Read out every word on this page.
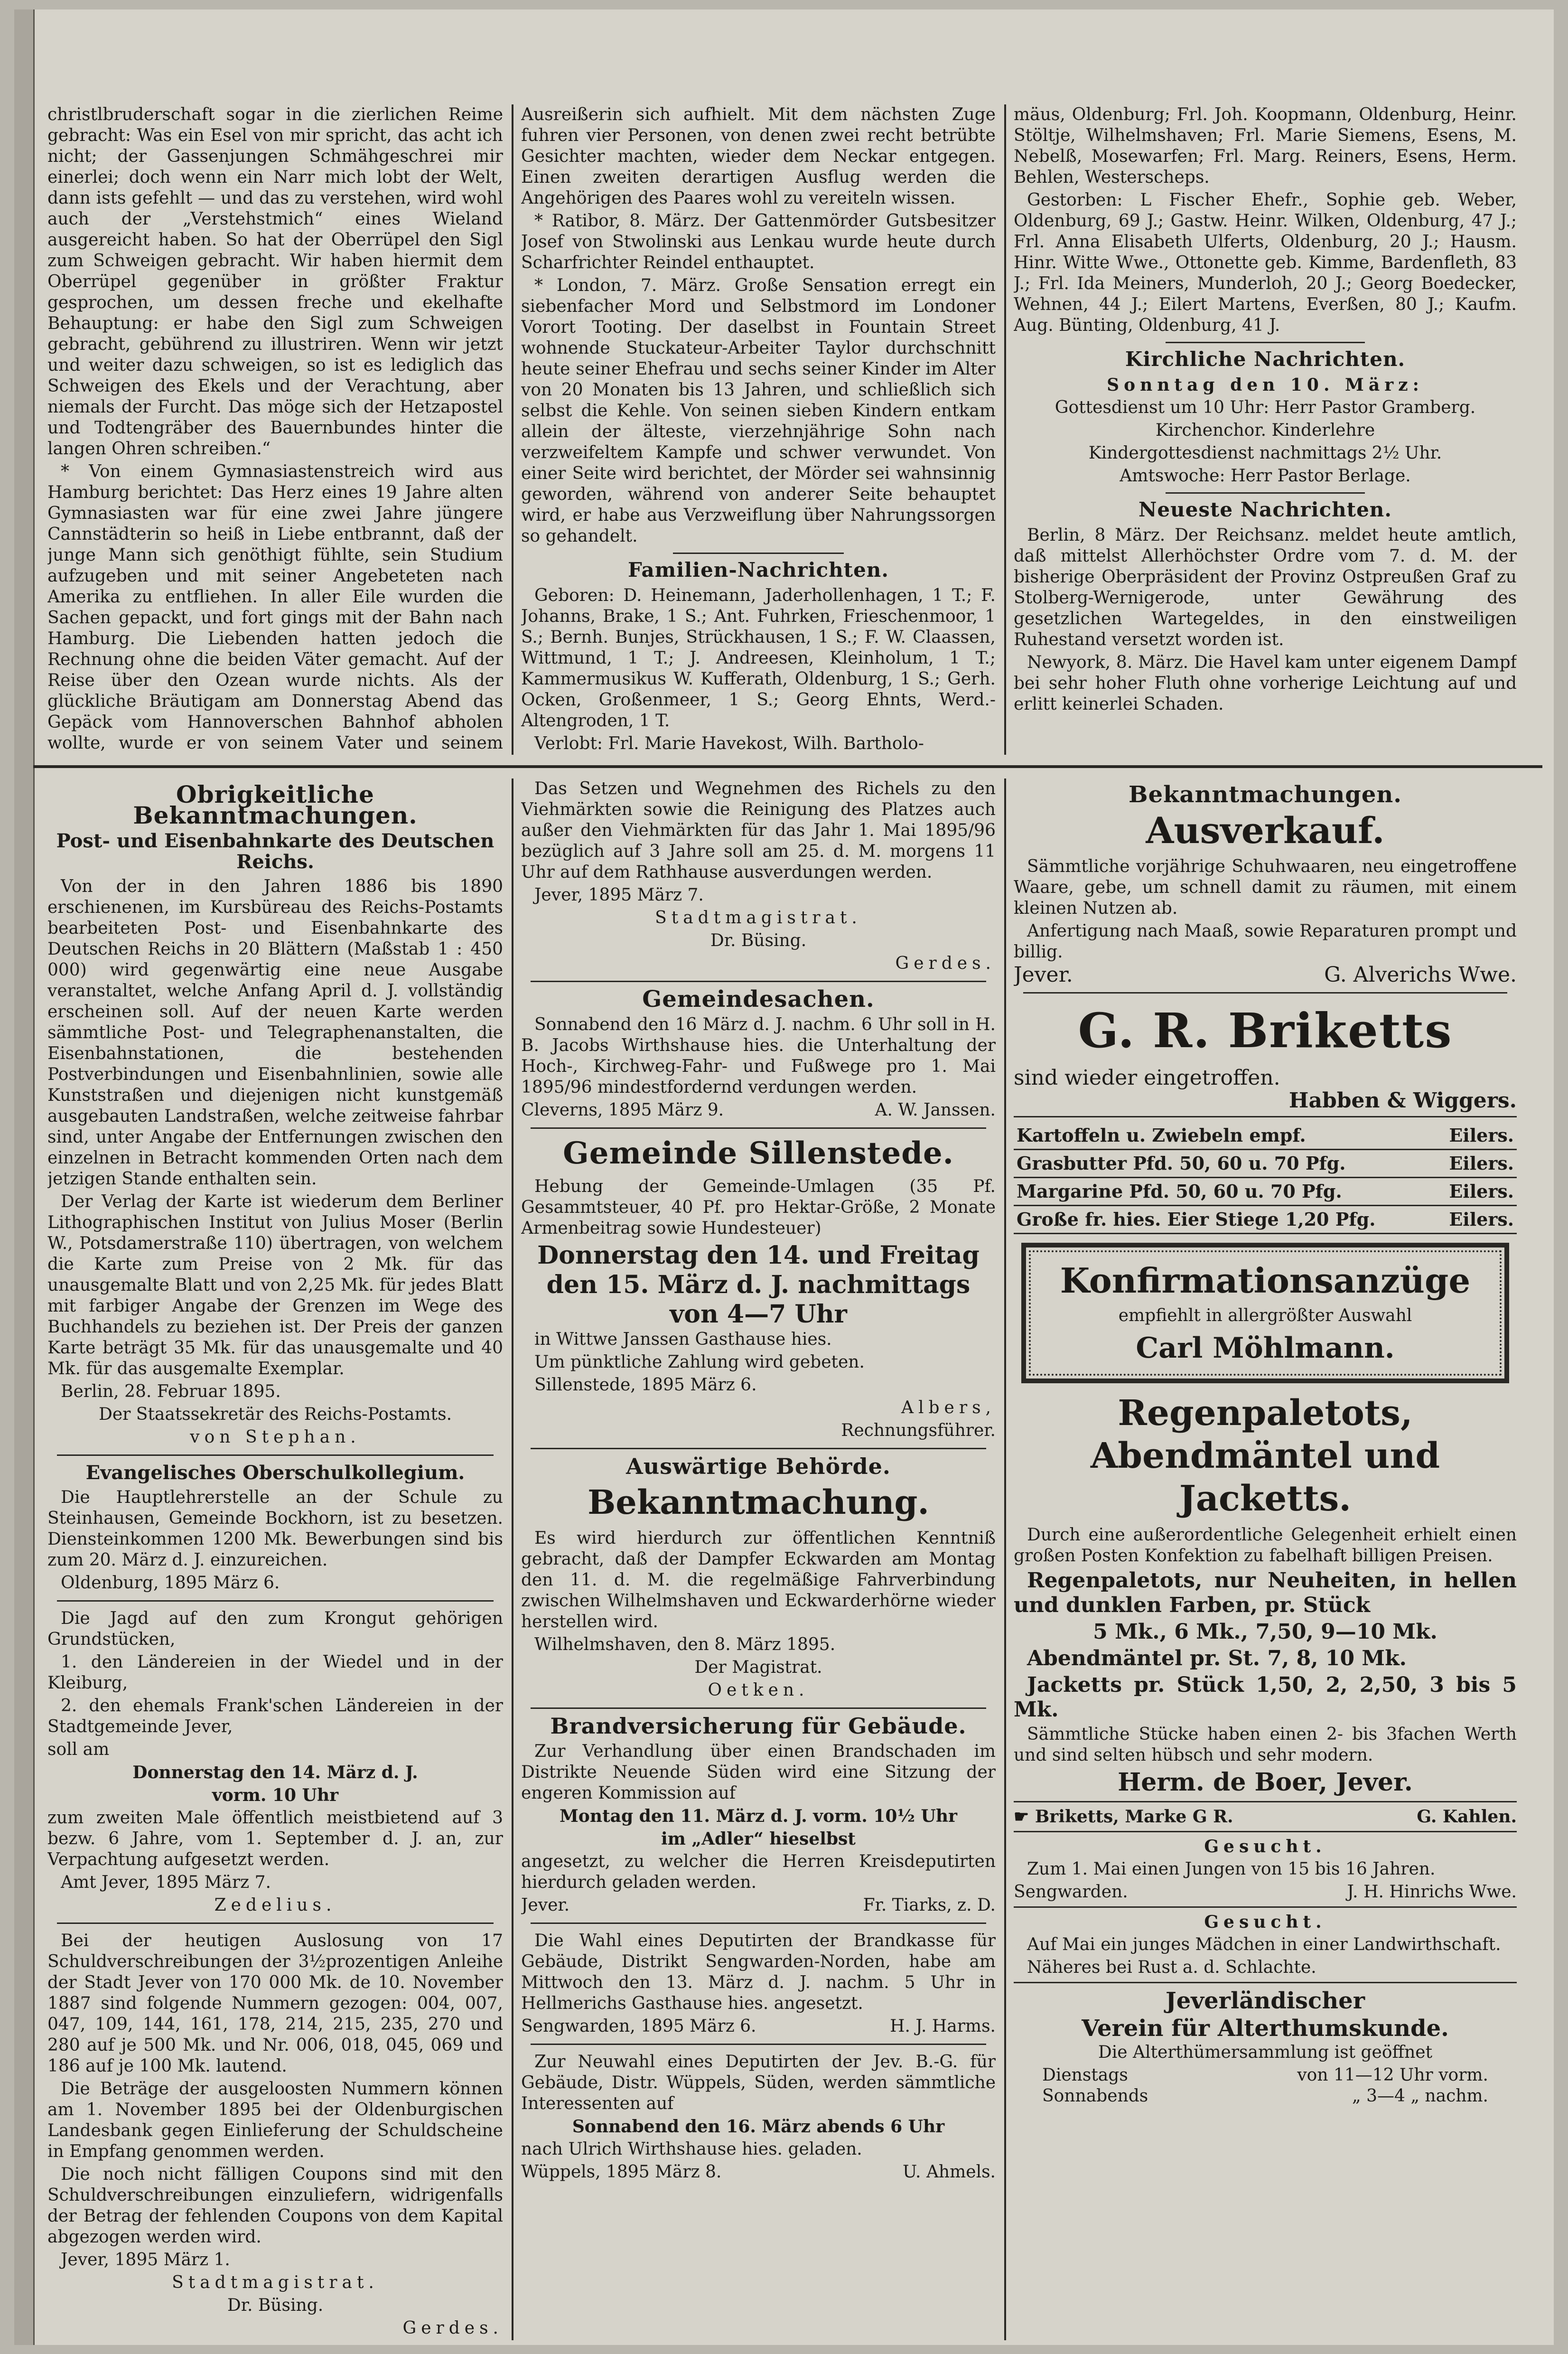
christlbruderschaft sogar in die zierlichen Reime gebracht: Was ein Esel von mir spricht, das acht ich nicht; der Gassenjungen Schmähgeschrei mir einerlei; doch wenn ein Narr mich lobt der Welt, dann ists gefehlt — und das zu verstehen, wird wohl auch der „Verstehstmich“ eines Wieland ausgereicht haben. So hat der Oberrüpel den Sigl zum Schweigen gebracht. Wir haben hiermit dem Oberrüpel gegenüber in größter Fraktur gesprochen, um dessen freche und ekelhafte Behauptung: er habe den Sigl zum Schweigen gebracht, gebührend zu illustriren. Wenn wir jetzt und weiter dazu schweigen, so ist es lediglich das Schweigen des Ekels und der Verachtung, aber niemals der Furcht. Das möge sich der Hetzapostel und Todtengräber des Bauernbundes hinter die langen Ohren schreiben.“

* Von einem Gymnasiastenstreich wird aus Hamburg berichtet: Das Herz eines 19 Jahre alten Gymnasiasten war für eine zwei Jahre jüngere Cannstädterin so heiß in Liebe entbrannt, daß der junge Mann sich genöthigt fühlte, sein Studium aufzugeben und mit seiner Angebeteten nach Amerika zu entfliehen. In aller Eile wurden die Sachen gepackt, und fort gings mit der Bahn nach Hamburg. Die Liebenden hatten jedoch die Rechnung ohne die beiden Väter gemacht. Auf der Reise über den Ozean wurde nichts. Als der glückliche Bräutigam am Donnerstag Abend das Gepäck vom Hannoverschen Bahnhof abholen wollte, wurde er von seinem Vater und seinem

Ausreißerin sich aufhielt. Mit dem nächsten Zuge fuhren vier Personen, von denen zwei recht betrübte Gesichter machten, wieder dem Neckar entgegen. Einen zweiten derartigen Ausflug werden die Angehörigen des Paares wohl zu vereiteln wissen.

* Ratibor, 8. März. Der Gattenmörder Gutsbesitzer Josef von Stwolinski aus Lenkau wurde heute durch Scharfrichter Reindel enthauptet.

* London, 7. März. Große Sensation erregt ein siebenfacher Mord und Selbstmord im Londoner Vorort Tooting. Der daselbst in Fountain Street wohnende Stuckateur-Arbeiter Taylor durchschnitt heute seiner Ehefrau und sechs seiner Kinder im Alter von 20 Monaten bis 13 Jahren, und schließlich sich selbst die Kehle. Von seinen sieben Kindern entkam allein der älteste, vierzehnjährige Sohn nach verzweifeltem Kampfe und schwer verwundet. Von einer Seite wird berichtet, der Mörder sei wahnsinnig geworden, während von anderer Seite behauptet wird, er habe aus Verzweiflung über Nahrungssorgen so gehandelt.

Familien-Nachrichten.

Geboren: D. Heinemann, Jaderhollenhagen, 1 T.; F. Johanns, Brake, 1 S.; Ant. Fuhrken, Frieschenmoor, 1 S.; Bernh. Bunjes, Strückhausen, 1 S.; F. W. Claassen, Wittmund, 1 T.; J. Andreesen, Kleinholum, 1 T.; Kammermusikus W. Kufferath, Oldenburg, 1 S.; Gerh. Ocken, Großenmeer, 1 S.; Georg Ehnts, Werd.-Altengroden, 1 T.

Verlobt: Frl. Marie Havekost, Wilh. Bartholo-

mäus, Oldenburg; Frl. Joh. Koopmann, Oldenburg, Heinr. Stöltje, Wilhelmshaven; Frl. Marie Siemens, Esens, M. Nebelß, Mosewarfen; Frl. Marg. Reiners, Esens, Herm. Behlen, Westerscheps.

Gestorben: L Fischer Ehefr., Sophie geb. Weber, Oldenburg, 69 J.; Gastw. Heinr. Wilken, Oldenburg, 47 J.; Frl. Anna Elisabeth Ulferts, Oldenburg, 20 J.; Hausm. Hinr. Witte Wwe., Ottonette geb. Kimme, Bardenfleth, 83 J.; Frl. Ida Meiners, Munderloh, 20 J.; Georg Boedecker, Wehnen, 44 J.; Eilert Martens, Everßen, 80 J.; Kaufm. Aug. Bünting, Oldenburg, 41 J.

Kirchliche Nachrichten.

Sonntag den 10. März:

Gottesdienst um 10 Uhr: Herr Pastor Gramberg.

Kirchenchor. Kinderlehre

Kindergottesdienst nachmittags 2½ Uhr.

Amtswoche: Herr Pastor Berlage.

Neueste Nachrichten.

Berlin, 8 März. Der Reichsanz. meldet heute amtlich, daß mittelst Allerhöchster Ordre vom 7. d. M. der bisherige Oberpräsident der Provinz Ostpreußen Graf zu Stolberg-Wernigerode, unter Gewährung des gesetzlichen Wartegeldes, in den einstweiligen Ruhestand versetzt worden ist.

Newyork, 8. März. Die Havel kam unter eigenem Dampf bei sehr hoher Fluth ohne vorherige Leichtung auf und erlitt keinerlei Schaden.

Obrigkeitliche Bekanntmachungen.
Post- und Eisenbahnkarte des Deutschen Reichs.

Von der in den Jahren 1886 bis 1890 erschienenen, im Kursbüreau des Reichs-Postamts bearbeiteten Post- und Eisenbahnkarte des Deutschen Reichs in 20 Blättern (Maßstab 1 : 450 000) wird gegenwärtig eine neue Ausgabe veranstaltet, welche Anfang April d. J. vollständig erscheinen soll. Auf der neuen Karte werden sämmtliche Post- und Telegraphenanstalten, die Eisenbahnstationen, die bestehenden Postverbindungen und Eisenbahnlinien, sowie alle Kunststraßen und diejenigen nicht kunstgemäß ausgebauten Landstraßen, welche zeitweise fahrbar sind, unter Angabe der Entfernungen zwischen den einzelnen in Betracht kommenden Orten nach dem jetzigen Stande enthalten sein.

Der Verlag der Karte ist wiederum dem Berliner Lithographischen Institut von Julius Moser (Berlin W., Potsdamerstraße 110) übertragen, von welchem die Karte zum Preise von 2 Mk. für das unausgemalte Blatt und von 2,25 Mk. für jedes Blatt mit farbiger Angabe der Grenzen im Wege des Buchhandels zu beziehen ist. Der Preis der ganzen Karte beträgt 35 Mk. für das unausgemalte und 40 Mk. für das ausgemalte Exemplar.

Berlin, 28. Februar 1895.

Der Staatssekretär des Reichs-Postamts.

von Stephan.

Evangelisches Oberschulkollegium.

Die Hauptlehrerstelle an der Schule zu Steinhausen, Gemeinde Bockhorn, ist zu besetzen. Diensteinkommen 1200 Mk. Bewerbungen sind bis zum 20. März d. J. einzureichen.

Oldenburg, 1895 März 6.

Die Jagd auf den zum Krongut gehörigen Grundstücken,

1. den Ländereien in der Wiedel und in der Kleiburg,

2. den ehemals Frank'schen Ländereien in der Stadtgemeinde Jever,

soll am

Donnerstag den 14. März d. J.

vorm. 10 Uhr

zum zweiten Male öffentlich meistbietend auf 3 bezw. 6 Jahre, vom 1. September d. J. an, zur Verpachtung aufgesetzt werden.

Amt Jever, 1895 März 7.

Zedelius.

Bei der heutigen Auslosung von 17 Schuldverschreibungen der 3½prozentigen Anleihe der Stadt Jever von 170 000 Mk. de 10. November 1887 sind folgende Nummern gezogen: 004, 007, 047, 109, 144, 161, 178, 214, 215, 235, 270 und 280 auf je 500 Mk. und Nr. 006, 018, 045, 069 und 186 auf je 100 Mk. lautend.

Die Beträge der ausgeloosten Nummern können am 1. November 1895 bei der Oldenburgischen Landesbank gegen Einlieferung der Schuldscheine in Empfang genommen werden.

Die noch nicht fälligen Coupons sind mit den Schuldverschreibungen einzuliefern, widrigenfalls der Betrag der fehlenden Coupons von dem Kapital abgezogen werden wird.

Jever, 1895 März 1.

Stadtmagistrat.

Dr. Büsing.

Gerdes.

Das Setzen und Wegnehmen des Richels zu den Viehmärkten sowie die Reinigung des Platzes auch außer den Viehmärkten für das Jahr 1. Mai 1895/96 bezüglich auf 3 Jahre soll am 25. d. M. morgens 11 Uhr auf dem Rathhause ausverdungen werden.

Jever, 1895 März 7.

Stadtmagistrat.

Dr. Büsing.

Gerdes.

Gemeindesachen.

Sonnabend den 16 März d. J. nachm. 6 Uhr soll in H. B. Jacobs Wirthshause hies. die Unterhaltung der Hoch-, Kirchweg-Fahr- und Fußwege pro 1. Mai 1895/96 mindestfordernd verdungen werden.

Cleverns, 1895 März 9.	A. W. Janssen.
Gemeinde Sillenstede.

Hebung der Gemeinde-Umlagen (35 Pf. Gesammtsteuer, 40 Pf. pro Hektar-Größe, 2 Monate Armenbeitrag sowie Hundesteuer)

Donnerstag den 14. und Freitag den 15. März d. J. nachmittags von 4—7 Uhr

in Wittwe Janssen Gasthause hies.

Um pünktliche Zahlung wird gebeten.

Sillenstede, 1895 März 6.

Albers,

Rechnungsführer.

Auswärtige Behörde.
Bekanntmachung.

Es wird hierdurch zur öffentlichen Kenntniß gebracht, daß der Dampfer Eckwarden am Montag den 11. d. M. die regelmäßige Fahrverbindung zwischen Wilhelmshaven und Eckwarderhörne wieder herstellen wird.

Wilhelmshaven, den 8. März 1895.

Der Magistrat.

Oetken.

Brandversicherung für Gebäude.

Zur Verhandlung über einen Brandschaden im Distrikte Neuende Süden wird eine Sitzung der engeren Kommission auf

Montag den 11. März d. J. vorm. 10½ Uhr

im „Adler“ hieselbst

angesetzt, zu welcher die Herren Kreisdeputirten hierdurch geladen werden.

Jever.	Fr. Tiarks, z. D.

Die Wahl eines Deputirten der Brandkasse für Gebäude, Distrikt Sengwarden-Norden, habe am Mittwoch den 13. März d. J. nachm. 5 Uhr in Hellmerichs Gasthause hies. angesetzt.

Sengwarden, 1895 März 6.	H. J. Harms.

Zur Neuwahl eines Deputirten der Jev. B.-G. für Gebäude, Distr. Wüppels, Süden, werden sämmtliche Interessenten auf

Sonnabend den 16. März abends 6 Uhr

nach Ulrich Wirthshause hies. geladen.

Wüppels, 1895 März 8.	U. Ahmels.
Bekanntmachungen.
Ausverkauf.

Sämmtliche vorjährige Schuhwaaren, neu eingetroffene Waare, gebe, um schnell damit zu räumen, mit einem kleinen Nutzen ab.

Anfertigung nach Maaß, sowie Reparaturen prompt und billig.

Jever.	G. Alverichs Wwe.
G. R. Briketts

sind wieder eingetroffen.

Habben & Wiggers.

Kartoffeln u. Zwiebeln empf.	Eilers.
Grasbutter Pfd. 50, 60 u. 70 Pfg.	Eilers.
Margarine Pfd. 50, 60 u. 70 Pfg.	Eilers.
Große fr. hies. Eier Stiege 1,20 Pfg.	Eilers.
Konfirmationsanzüge

empfiehlt in allergrößter Auswahl

Carl Möhlmann.
Regenpaletots, Abendmäntel und Jacketts.

Durch eine außerordentliche Gelegenheit erhielt einen großen Posten Konfektion zu fabelhaft billigen Preisen.

Regenpaletots, nur Neuheiten, in hellen und dunklen Farben, pr. Stück

5 Mk., 6 Mk., 7,50, 9—10 Mk.

Abendmäntel pr. St. 7, 8, 10 Mk.

Jacketts pr. Stück 1,50, 2, 2,50, 3 bis 5 Mk.

Sämmtliche Stücke haben einen 2- bis 3fachen Werth und sind selten hübsch und sehr modern.

Herm. de Boer, Jever.

☛ Briketts, Marke G R.	G. Kahlen.

Gesucht.

Zum 1. Mai einen Jungen von 15 bis 16 Jahren.

Sengwarden.	J. H. Hinrichs Wwe.

Gesucht.

Auf Mai ein junges Mädchen in einer Landwirthschaft.

Näheres bei Rust a. d. Schlachte.

Jeverländischer
Verein für Alterthumskunde.

Die Alterthümersammlung ist geöffnet

Dienstags	von 11—12 Uhr vorm.
Sonnabends	„ 3—4 „ nachm.
